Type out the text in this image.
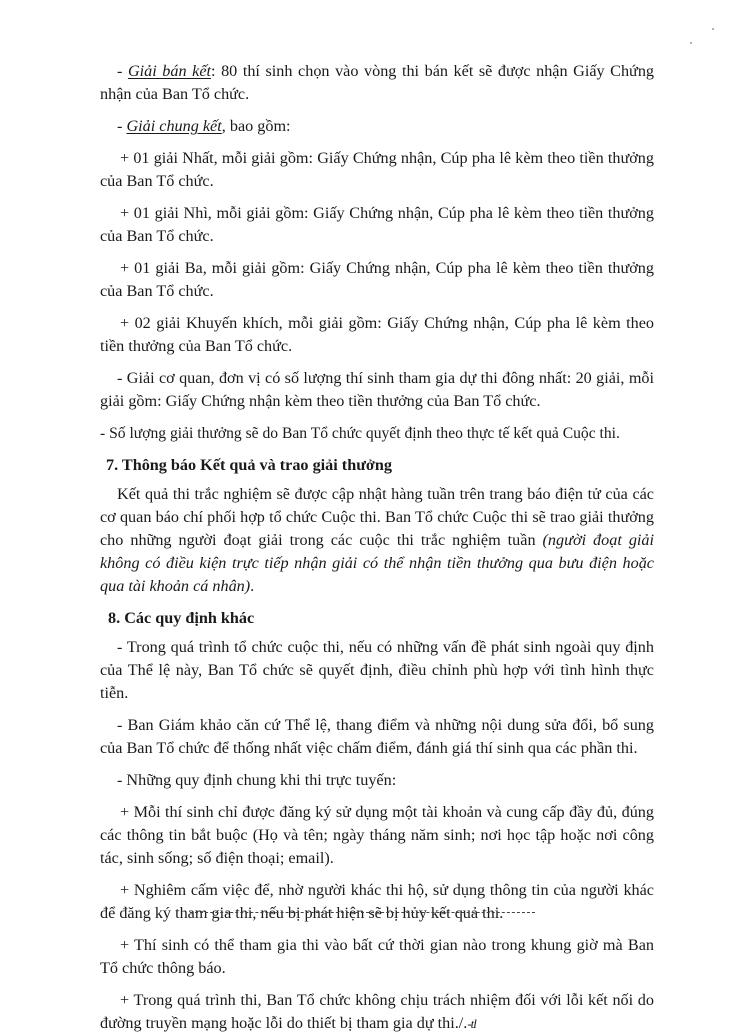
- Giải bán kết: 80 thí sinh chọn vào vòng thi bán kết sẽ được nhận Giấy Chứng nhận của Ban Tổ chức.

- Giải chung kết, bao gồm:

+ 01 giải Nhất, mỗi giải gồm: Giấy Chứng nhận, Cúp pha lê kèm theo tiền thưởng của Ban Tổ chức.

+ 01 giải Nhì, mỗi giải gồm: Giấy Chứng nhận, Cúp pha lê kèm theo tiền thưởng của Ban Tổ chức.

+ 01 giải Ba, mỗi giải gồm: Giấy Chứng nhận, Cúp pha lê kèm theo tiền thưởng của Ban Tổ chức.

+ 02 giải Khuyến khích, mỗi giải gồm: Giấy Chứng nhận, Cúp pha lê kèm theo tiền thưởng của Ban Tổ chức.

- Giải cơ quan, đơn vị có số lượng thí sinh tham gia dự thi đông nhất: 20 giải, mỗi giải gồm: Giấy Chứng nhận kèm theo tiền thưởng của Ban Tổ chức.

- Số lượng giải thưởng sẽ do Ban Tổ chức quyết định theo thực tế kết quả Cuộc thi.

7. Thông báo Kết quả và trao giải thưởng

Kết quả thi trắc nghiệm sẽ được cập nhật hàng tuần trên trang báo điện tử của các cơ quan báo chí phối hợp tổ chức Cuộc thi. Ban Tổ chức Cuộc thi sẽ trao giải thưởng cho những người đoạt giải trong các cuộc thi trắc nghiệm tuần (người đoạt giải không có điều kiện trực tiếp nhận giải có thể nhận tiền thưởng qua bưu điện hoặc qua tài khoản cá nhân).

8. Các quy định khác

- Trong quá trình tổ chức cuộc thi, nếu có những vấn đề phát sinh ngoài quy định của Thể lệ này, Ban Tổ chức sẽ quyết định, điều chỉnh phù hợp với tình hình thực tiễn.

- Ban Giám khảo căn cứ Thể lệ, thang điểm và những nội dung sửa đổi, bổ sung của Ban Tổ chức để thống nhất việc chấm điểm, đánh giá thí sinh qua các phần thi.

- Những quy định chung khi thi trực tuyến:

+ Mỗi thí sinh chỉ được đăng ký sử dụng một tài khoản và cung cấp đầy đủ, đúng các thông tin bắt buộc (Họ và tên; ngày tháng năm sinh; nơi học tập hoặc nơi công tác, sinh sống; số điện thoại; email).

+ Nghiêm cấm việc để, nhờ người khác thi hộ, sử dụng thông tin của người khác để đăng ký tham gia thi, nếu bị phát hiện sẽ bị hủy kết quả thi.

+ Thí sinh có thể tham gia thi vào bất cứ thời gian nào trong khung giờ mà Ban Tổ chức thông báo.

+ Trong quá trình thi, Ban Tổ chức không chịu trách nhiệm đối với lỗi kết nối do đường truyền mạng hoặc lỗi do thiết bị tham gia dự thi./.-tl
